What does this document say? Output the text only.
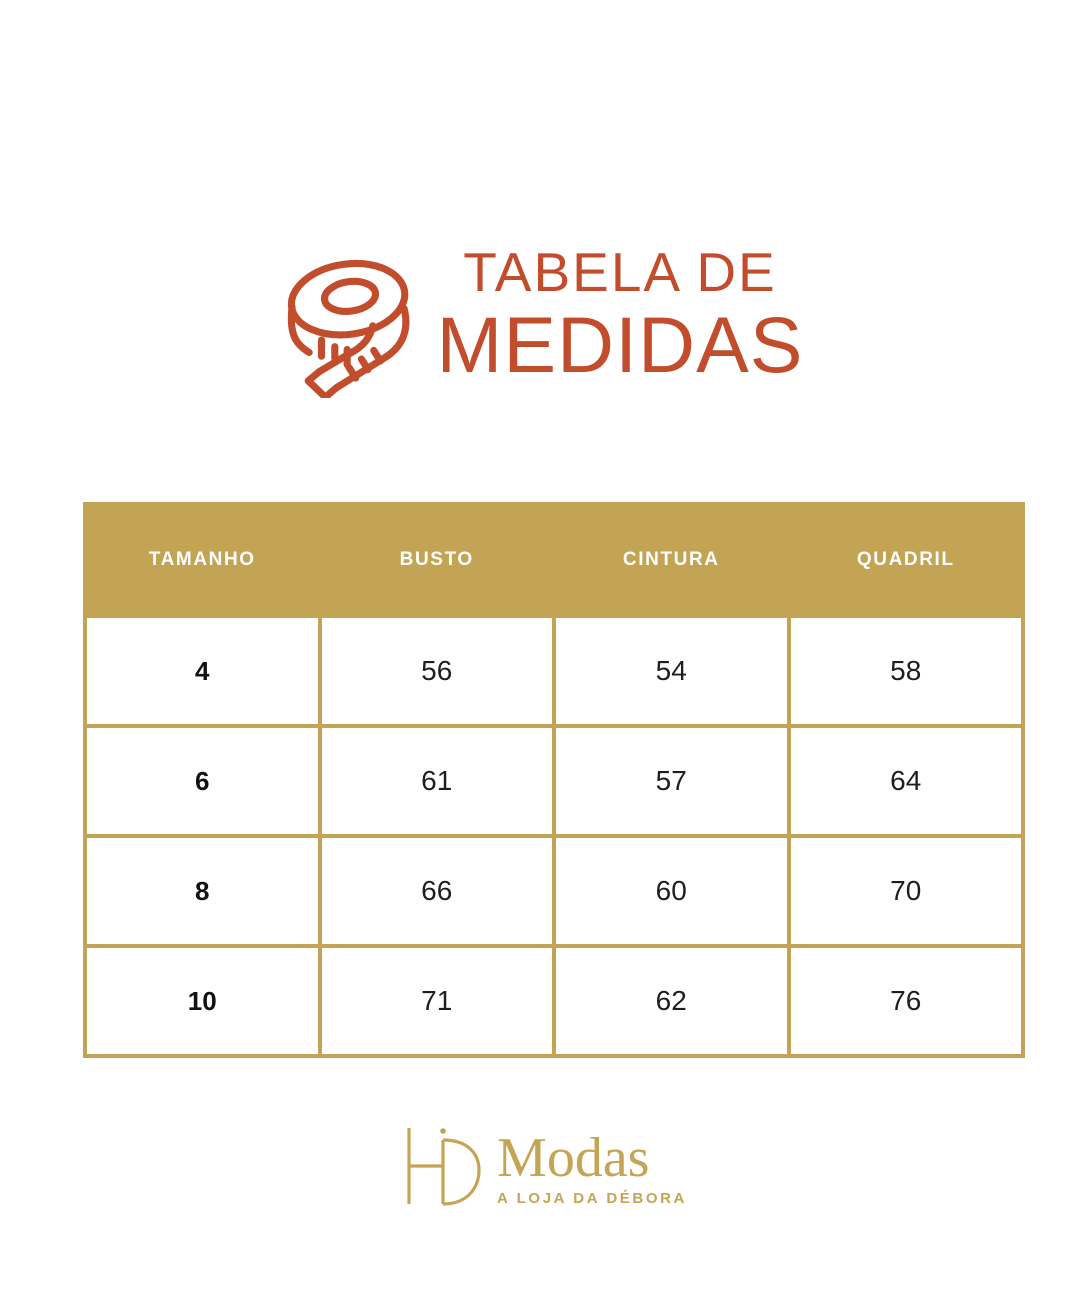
TABELA DE
MEDIDAS
TAMANHO	BUSTO	CINTURA	QUADRIL
4	56	54	58
6	61	57	64
8	66	60	70
10	71	62	76
Modas
A LOJA DA DÉBORA
